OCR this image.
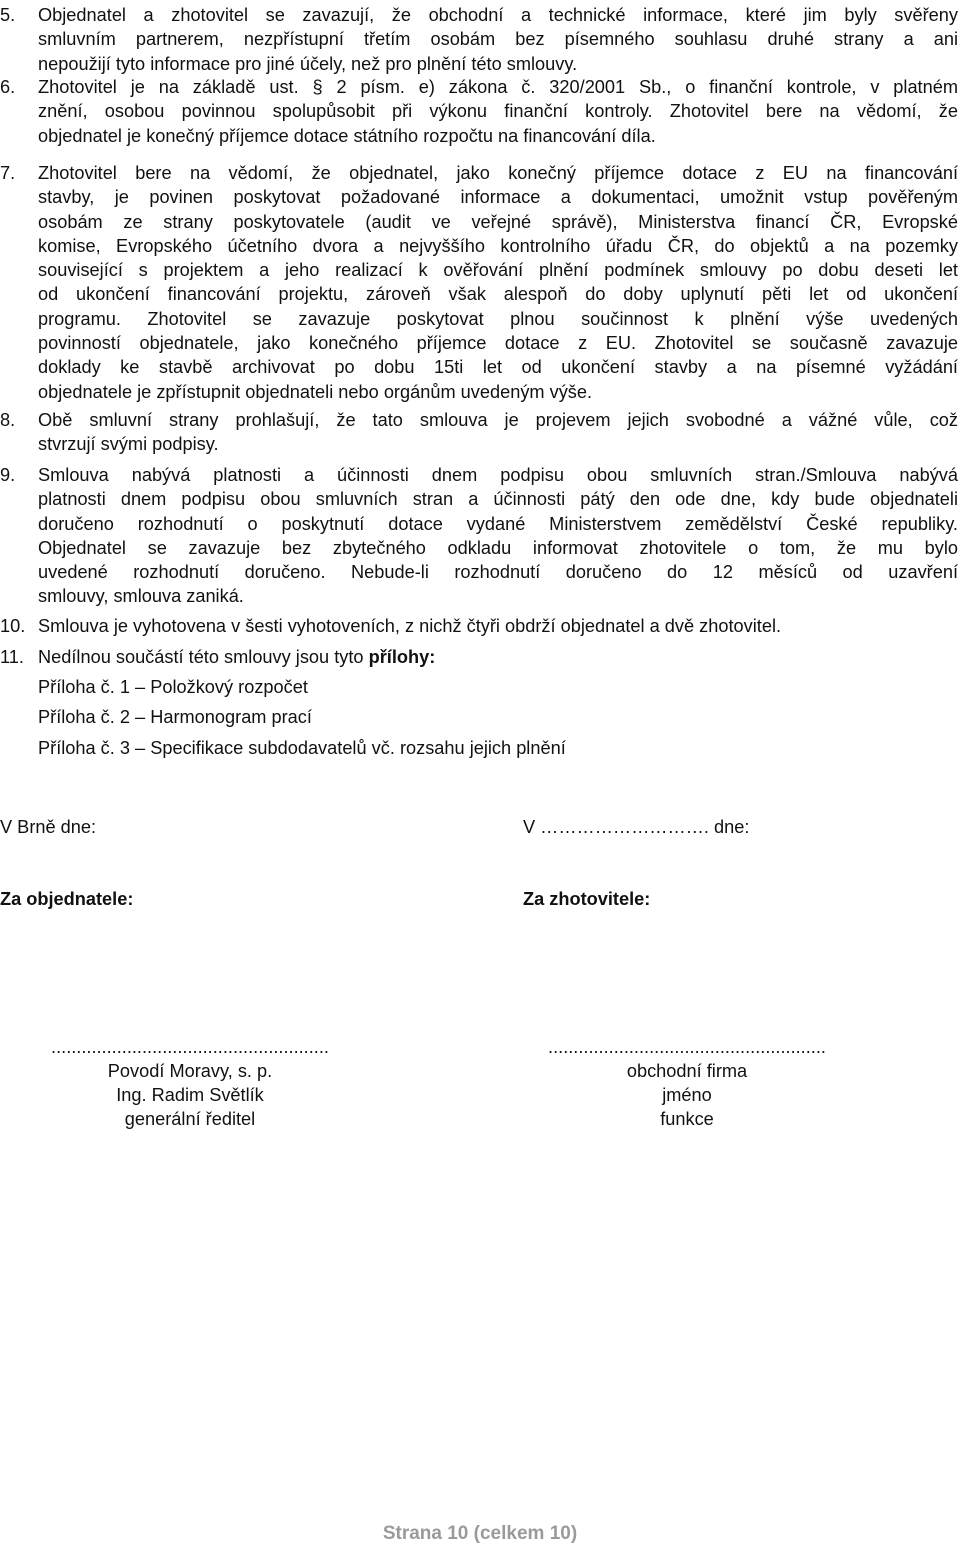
5.	Objednatel a zhotovitel se zavazují, že obchodní a technické informace, které jim byly svěřeny
smluvním partnerem, nezpřístupní třetím osobám bez písemného souhlasu druhé strany a ani
nepoužijí tyto informace pro jiné účely, než pro plnění této smlouvy.
6.	Zhotovitel je na základě ust. § 2 písm. e) zákona č. 320/2001 Sb., o finanční kontrole, v platném
znění, osobou povinnou spolupůsobit při výkonu finanční kontroly. Zhotovitel bere na vědomí, že
objednatel je konečný příjemce dotace státního rozpočtu na financování díla.
7.	Zhotovitel bere na vědomí, že objednatel, jako konečný příjemce dotace z EU na financování
stavby, je povinen poskytovat požadované informace a dokumentaci, umožnit vstup pověřeným
osobám ze strany poskytovatele (audit ve veřejné správě), Ministerstva financí ČR, Evropské
komise, Evropského účetního dvora a nejvyššího kontrolního úřadu ČR, do objektů a na pozemky
související s projektem a jeho realizací k ověřování plnění podmínek smlouvy po dobu deseti let
od ukončení financování projektu, zároveň však alespoň do doby uplynutí pěti let od ukončení
programu. Zhotovitel se zavazuje poskytovat plnou součinnost k plnění výše uvedených
povinností objednatele, jako konečného příjemce dotace z EU. Zhotovitel se současně zavazuje
doklady ke stavbě archivovat po dobu 15ti let od ukončení stavby a na písemné vyžádání
objednatele je zpřístupnit objednateli nebo orgánům uvedeným výše.
8.	Obě smluvní strany prohlašují, že tato smlouva je projevem jejich svobodné a vážné vůle, což
stvrzují svými podpisy.
9.	Smlouva nabývá platnosti a účinnosti dnem podpisu obou smluvních stran./Smlouva nabývá
platnosti dnem podpisu obou smluvních stran a účinnosti pátý den ode dne, kdy bude objednateli
doručeno rozhodnutí o poskytnutí dotace vydané Ministerstvem zemědělství České republiky.
Objednatel se zavazuje bez zbytečného odkladu informovat zhotovitele o tom, že mu bylo
uvedené rozhodnutí doručeno. Nebude-li rozhodnutí doručeno do 12 měsíců od uzavření
smlouvy, smlouva zaniká.
10. Smlouva je vyhotovena v šesti vyhotoveních, z nichž čtyři obdrží objednatel a dvě zhotovitel.
11. Nedílnou součástí této smlouvy jsou tyto přílohy:
Příloha č. 1 – Položkový rozpočet
Příloha č. 2 – Harmonogram prací
Příloha č. 3 – Specifikace subdodavatelů vč. rozsahu jejich plnění
V Brně dne:	V ………………………. dne:
Za objednatele:	Za zhotovitele:
.......................................................
Povodí Moravy, s. p.
Ing. Radim Světlík
generální ředitel
.......................................................
obchodní firma
jméno
funkce
Strana 10 (celkem 10)
